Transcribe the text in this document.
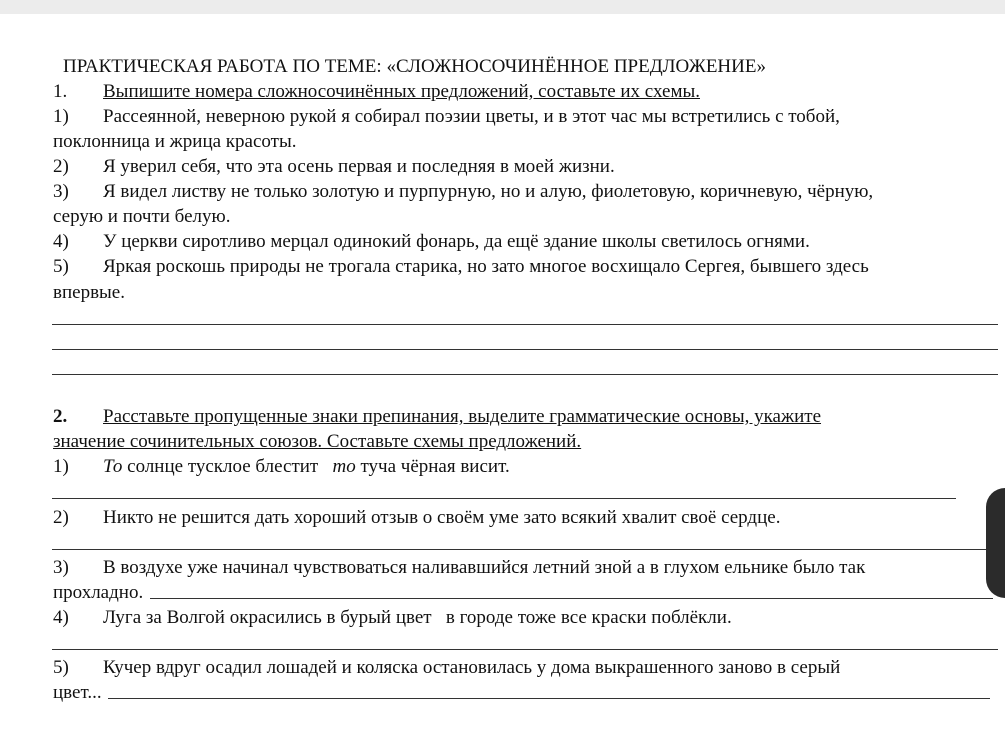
ПРАКТИЧЕСКАЯ РАБОТА ПО ТЕМЕ: «СЛОЖНОСОЧИНЁННОЕ ПРЕДЛОЖЕНИЕ»
1. Выпишите номера сложносочинённых предложений, составьте их схемы.
1) Рассеянной, неверною рукой я собирал поэзии цветы, и в этот час мы встретились с тобой,
поклонница и жрица красоты.
2) Я уверил себя, что эта осень первая и последняя в моей жизни.
3) Я видел листву не только золотую и пурпурную, но и алую, фиолетовую, коричневую, чёрную,
серую и почти белую.
4) У церкви сиротливо мерцал одинокий фонарь, да ещё здание школы светилось огнями.
5) Яркая роскошь природы не трогала старика, но зато многое восхищало Сергея, бывшего здесь
впервые.
2. Расставьте пропущенные знаки препинания, выделите грамматические основы, укажите
значение сочинительных союзов. Составьте схемы предложений.
1) То солнце тусклое блестит   то туча чёрная висит.
2) Никто не решится дать хороший отзыв о своём уме зато всякий хвалит своё сердце.
3) В воздухе уже начинал чувствоваться наливавшийся летний зной а в глухом ельнике было так
прохладно.
4) Луга за Волгой окрасились в бурый цвет   в городе тоже все краски поблёкли.
5) Кучер вдруг осадил лошадей и коляска остановилась у дома выкрашенного заново в серый
цвет...
